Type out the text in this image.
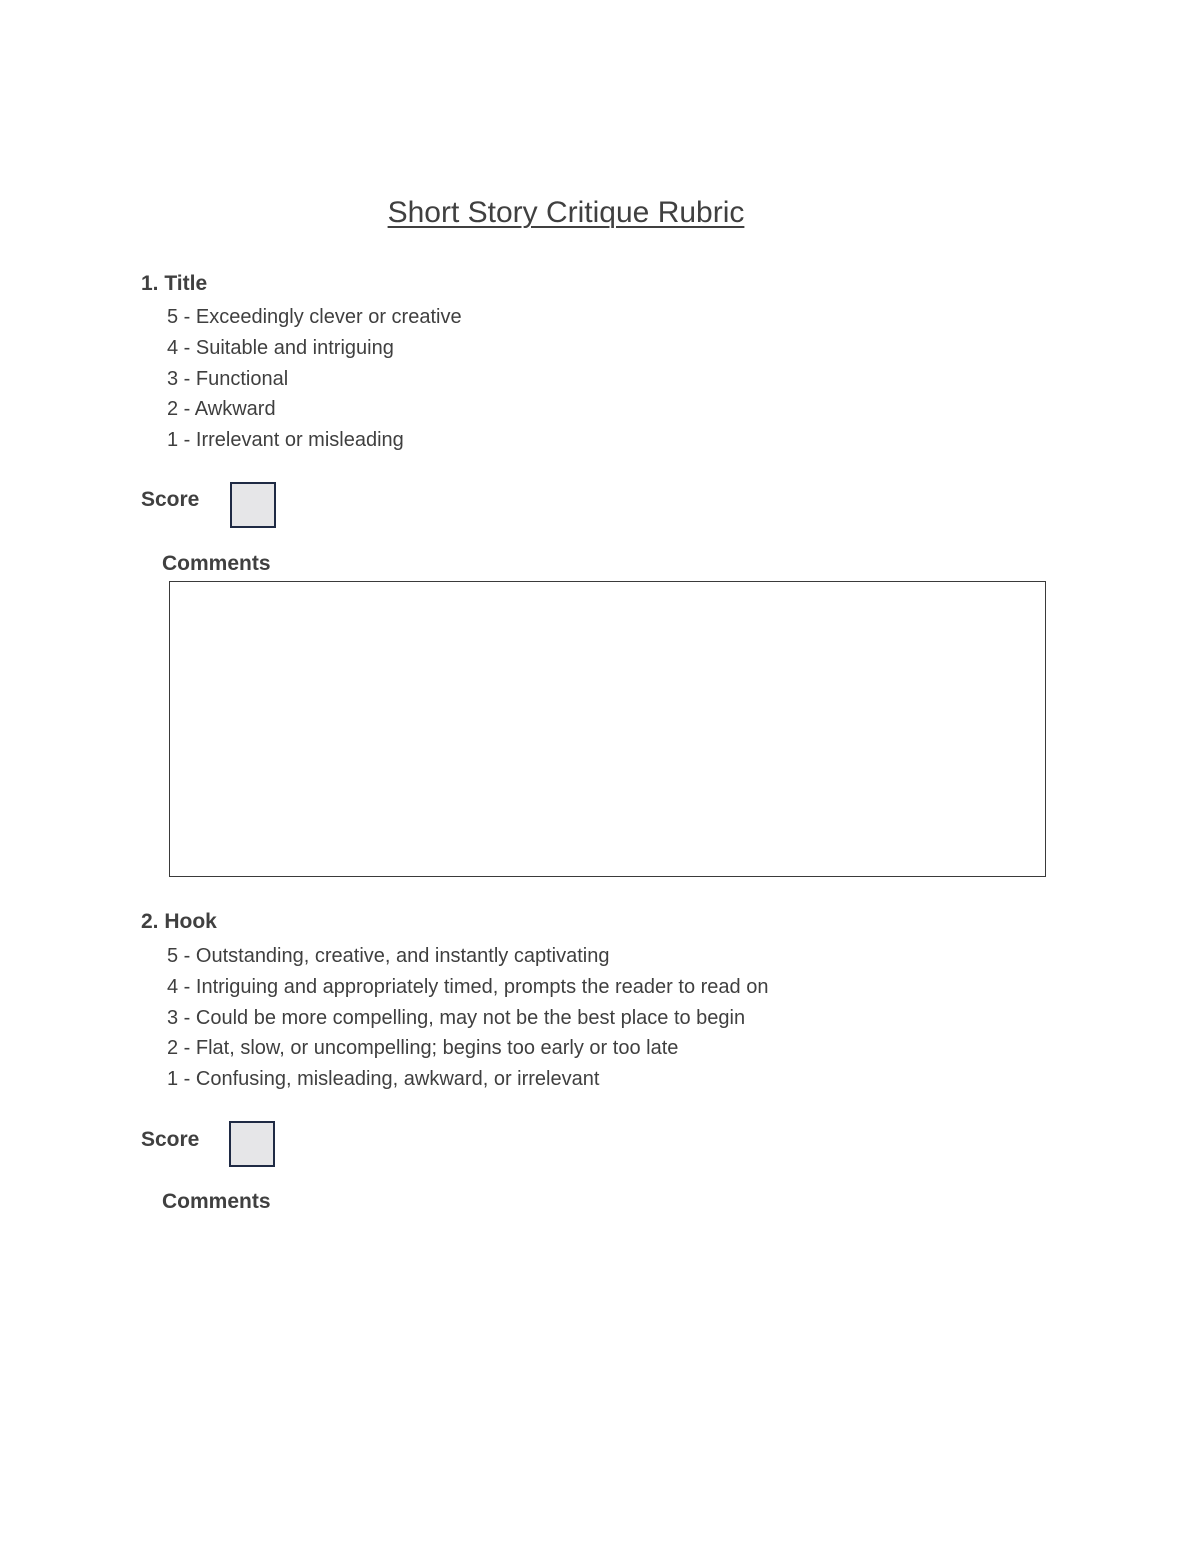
Short Story Critique Rubric
1. Title
5 - Exceedingly clever or creative
4 - Suitable and intriguing
3 - Functional
2 - Awkward
1 - Irrelevant or misleading
Score
Comments
2. Hook
5 - Outstanding, creative, and instantly captivating
4 - Intriguing and appropriately timed, prompts the reader to read on
3 - Could be more compelling, may not be the best place to begin
2 - Flat, slow, or uncompelling; begins too early or too late
1 - Confusing, misleading, awkward, or irrelevant
Score
Comments
